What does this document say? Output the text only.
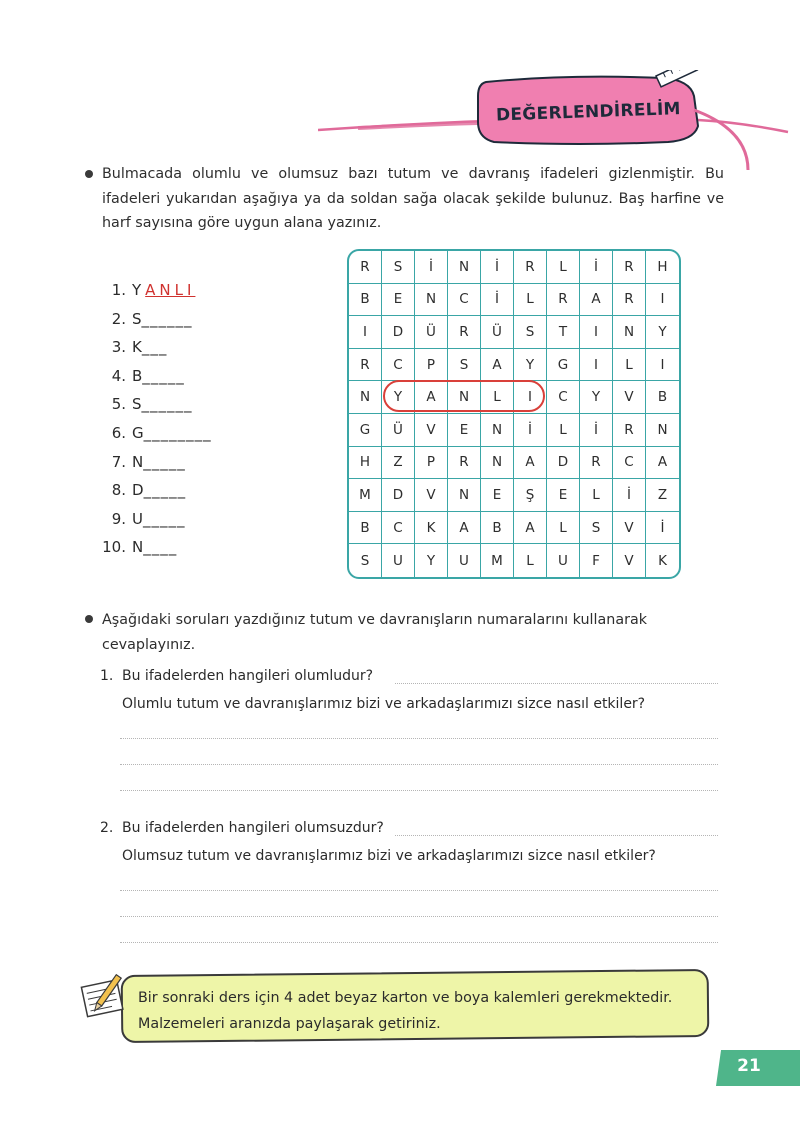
DEĞERLENDİRELİM
Bulmacada olumlu ve olumsuz bazı tutum ve davranış ifadeleri gizlenmiştir. Bu ifadeleri yukarıdan aşağıya ya da soldan sağa olacak şekilde bulunuz. Baş harfine ve harf sayısına göre uygun alana yazınız.
1. Y ANLI
2. S______
3. K___
4. B_____
5. S______
6. G________
7. N_____
8. D_____
9. U_____
10. N____
R	S	İ	N	İ	R	L	İ	R	H
B	E	N	C	İ	L	R	A	R	I
I	D	Ü	R	Ü	S	T	I	N	Y
R	C	P	S	A	Y	G	I	L	I
N	Y	A	N	L	I	C	Y	V	B
G	Ü	V	E	N	İ	L	İ	R	N
H	Z	P	R	N	A	D	R	C	A
M	D	V	N	E	Ş	E	L	İ	Z
B	C	K	A	B	A	L	S	V	İ
S	U	Y	U	M	L	U	F	V	K
Aşağıdaki soruları yazdığınız tutum ve davranışların numaralarını kullanarak cevaplayınız.
1. Bu ifadelerden hangileri olumludur?
Olumlu tutum ve davranışlarımız bizi ve arkadaşlarımızı sizce nasıl etkiler?
2. Bu ifadelerden hangileri olumsuzdur?
Olumsuz tutum ve davranışlarımız bizi ve arkadaşlarımızı sizce nasıl etkiler?
Bir sonraki ders için 4 adet beyaz karton ve boya kalemleri gerekmektedir.
Malzemeleri aranızda paylaşarak getiriniz.
21
